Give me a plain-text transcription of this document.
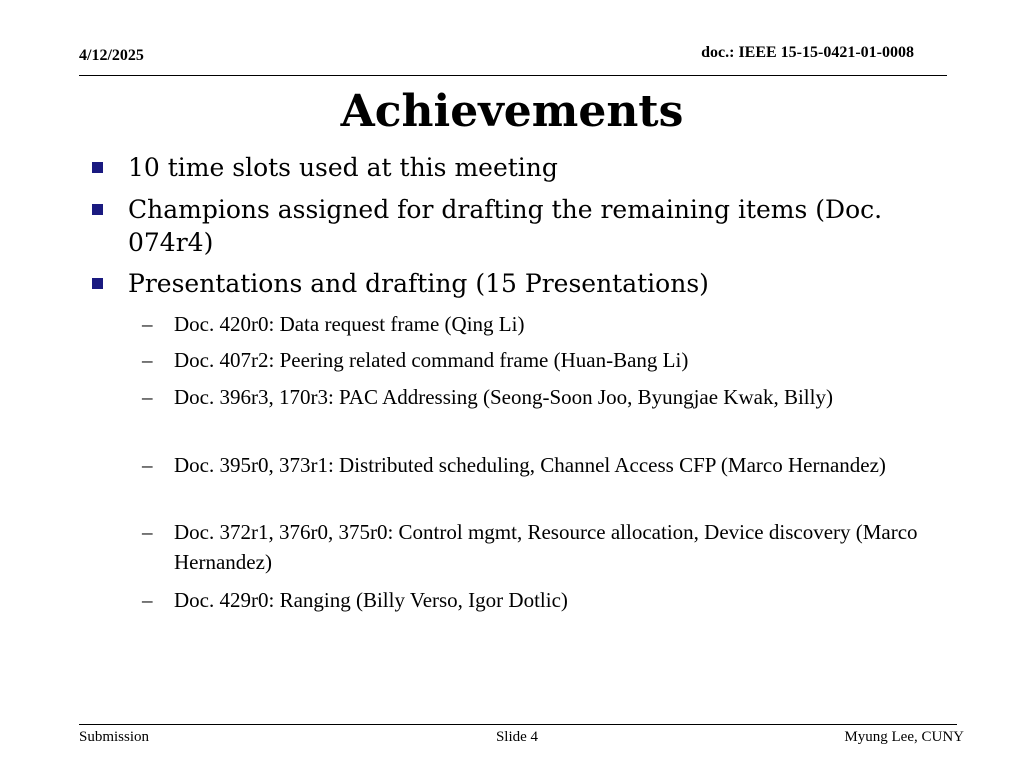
4/12/2025	doc.: IEEE 15-15-0421-01-0008
Achievements
10 time slots used at this meeting
Champions assigned for drafting the remaining items (Doc. 074r4)
Presentations and drafting (15 Presentations)
– Doc. 420r0: Data request frame (Qing Li)
– Doc. 407r2: Peering related command frame (Huan-Bang Li)
– Doc. 396r3, 170r3: PAC Addressing (Seong-Soon Joo, Byungjae Kwak, Billy)
– Doc. 395r0, 373r1: Distributed scheduling, Channel Access CFP (Marco Hernandez)
– Doc. 372r1, 376r0, 375r0: Control mgmt, Resource allocation, Device discovery (Marco Hernandez)
– Doc. 429r0: Ranging (Billy Verso, Igor Dotlic)
Submission	Slide 4	Myung Lee, CUNY
